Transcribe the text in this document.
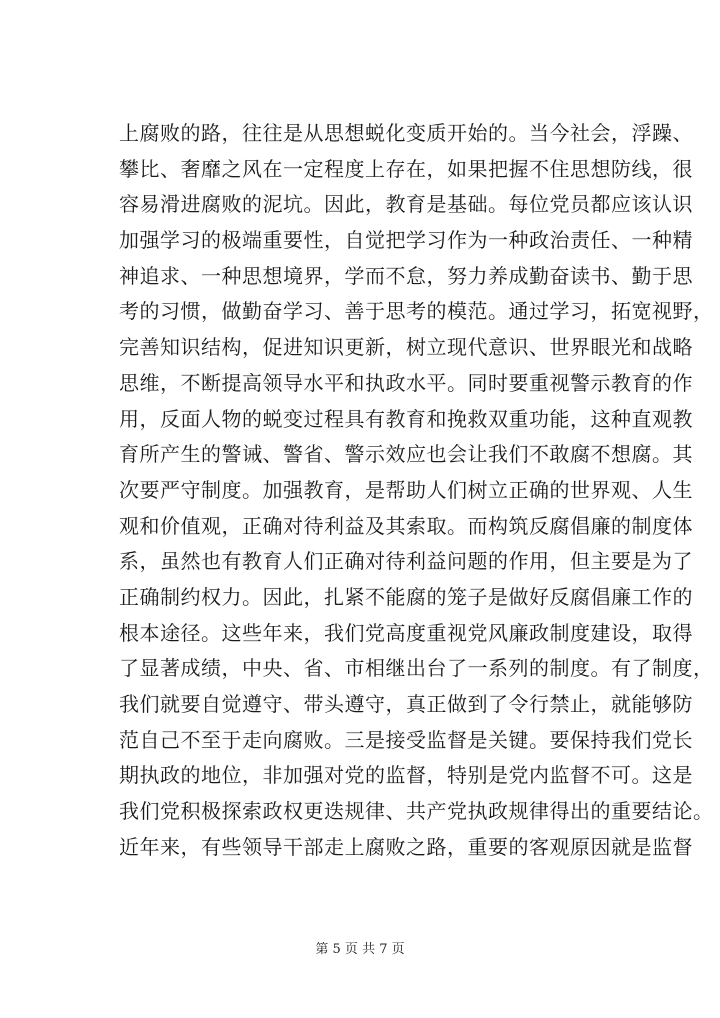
上腐败的路，往往是从思想蜕化变质开始的。当今社会，浮躁、
攀比、奢靡之风在一定程度上存在，如果把握不住思想防线，很
容易滑进腐败的泥坑。因此，教育是基础。每位党员都应该认识
加强学习的极端重要性，自觉把学习作为一种政治责任、一种精
神追求、一种思想境界，学而不怠，努力养成勤奋读书、勤于思
考的习惯，做勤奋学习、善于思考的模范。通过学习，拓宽视野，
完善知识结构，促进知识更新，树立现代意识、世界眼光和战略
思维，不断提高领导水平和执政水平。同时要重视警示教育的作
用，反面人物的蜕变过程具有教育和挽救双重功能，这种直观教
育所产生的警诫、警省、警示效应也会让我们不敢腐不想腐。其
次要严守制度。加强教育，是帮助人们树立正确的世界观、人生
观和价值观，正确对待利益及其索取。而构筑反腐倡廉的制度体
系，虽然也有教育人们正确对待利益问题的作用，但主要是为了
正确制约权力。因此，扎紧不能腐的笼子是做好反腐倡廉工作的
根本途径。这些年来，我们党高度重视党风廉政制度建设，取得
了显著成绩，中央、省、市相继出台了一系列的制度。有了制度，
我们就要自觉遵守、带头遵守，真正做到了令行禁止，就能够防
范自己不至于走向腐败。三是接受监督是关键。要保持我们党长
期执政的地位，非加强对党的监督，特别是党内监督不可。这是
我们党积极探索政权更迭规律、共产党执政规律得出的重要结论。
近年来，有些领导干部走上腐败之路，重要的客观原因就是监督
第 5 页 共 7 页
